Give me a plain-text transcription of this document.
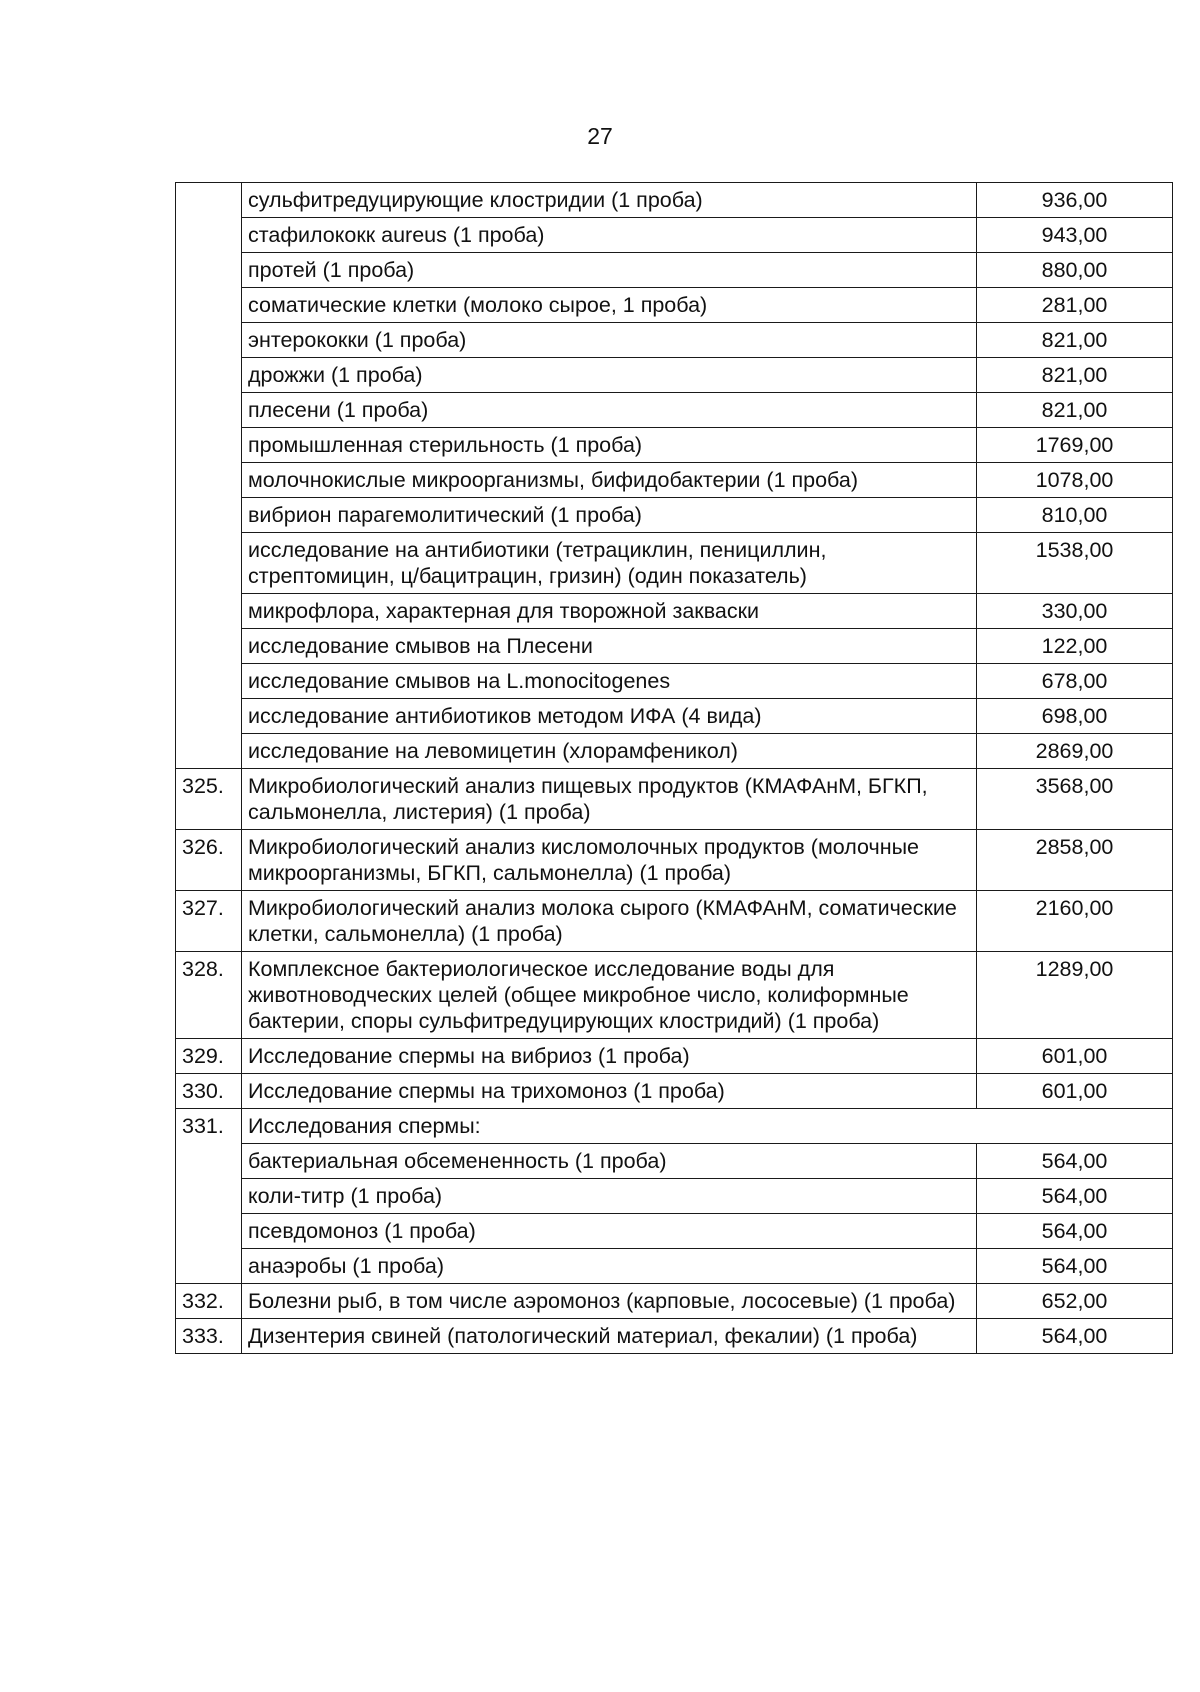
27
	сульфитредуцирующие клостридии (1 проба)	936,00
	стафилококк aureus (1 проба)	943,00
	протей (1 проба)	880,00
	соматические клетки (молоко сырое, 1 проба)	281,00
	энтерококки (1 проба)	821,00
	дрожжи (1 проба)	821,00
	плесени (1 проба)	821,00
	промышленная стерильность (1 проба)	1769,00
	молочнокислые микроорганизмы, бифидобактерии (1 проба)	1078,00
	вибрион парагемолитический (1 проба)	810,00
	исследование на антибиотики (тетрациклин, пенициллин, стрептомицин, ц/бацитрацин, гризин) (один показатель)	1538,00
	микрофлора, характерная для творожной закваски	330,00
	исследование смывов на Плесени	122,00
	исследование смывов на L.monocitogenes	678,00
	исследование антибиотиков методом ИФА (4 вида)	698,00
	исследование на левомицетин (хлорамфеникол)	2869,00
325.	Микробиологический анализ пищевых продуктов (КМАФАнМ, БГКП, сальмонелла, листерия) (1 проба)	3568,00
326.	Микробиологический анализ кисломолочных продуктов (молочные микроорганизмы, БГКП, сальмонелла) (1 проба)	2858,00
327.	Микробиологический анализ молока сырого (КМАФАнМ, соматические клетки, сальмонелла) (1 проба)	2160,00
328.	Комплексное бактериологическое исследование воды для животноводческих целей (общее микробное число, колиформные бактерии, споры сульфитредуцирующих клостридий) (1 проба)	1289,00
329.	Исследование спермы на вибриоз (1 проба)	601,00
330.	Исследование спермы на трихомоноз (1 проба)	601,00
331.	Исследования спермы:	
	бактериальная обсемененность (1 проба)	564,00
	коли-титр (1 проба)	564,00
	псевдомоноз (1 проба)	564,00
	анаэробы (1 проба)	564,00
332.	Болезни рыб, в том числе аэромоноз (карповые, лососевые) (1 проба)	652,00
333.	Дизентерия свиней (патологический материал, фекалии) (1 проба)	564,00
